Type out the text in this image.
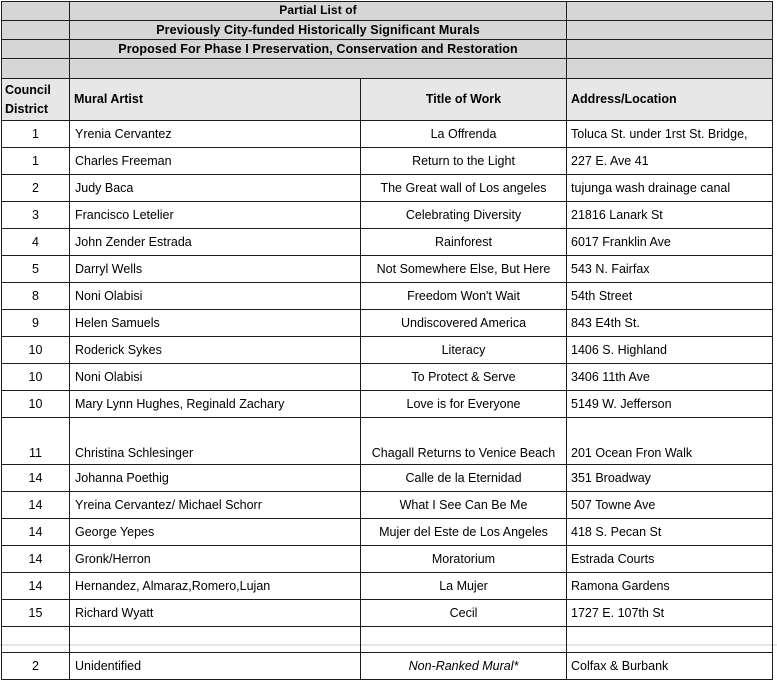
	Partial List of		
	Previously City-funded Historically Significant Murals		
	Proposed For Phase I Preservation, Conservation and Restoration		

Council
District	Mural Artist	Title of Work	Address/Location
1	Yrenia Cervantez	La Offrenda	Toluca St. under 1rst St. Bridge,
1	Charles Freeman	Return to the Light	227 E. Ave 41
2	Judy Baca	The Great wall of Los angeles	tujunga wash drainage canal
3	Francisco Letelier	Celebrating Diversity	21816 Lanark St
4	John Zender Estrada	Rainforest	6017 Franklin Ave
5	Darryl Wells	Not Somewhere Else, But Here	543 N. Fairfax
8	Noni Olabisi	Freedom Won't Wait	54th Street
9	Helen Samuels	Undiscovered America	843 E4th St.
10	Roderick Sykes	Literacy	1406 S. Highland
10	Noni Olabisi	To Protect & Serve	3406 11th Ave
10	Mary Lynn Hughes, Reginald Zachary	Love is for Everyone	5149 W. Jefferson
11	Christina Schlesinger	Chagall Returns to Venice Beach	201 Ocean Fron Walk
14	Johanna Poethig	Calle de la Eternidad	351 Broadway
14	Yreina Cervantez/ Michael Schorr	What I See Can Be Me	507 Towne Ave
14	George Yepes	Mujer del Este de Los Angeles	418 S. Pecan St
14	Gronk/Herron	Moratorium	Estrada Courts
14	Hernandez, Almaraz,Romero,Lujan	La Mujer	Ramona Gardens
15	Richard Wyatt	Cecil	1727 E. 107th St

2	Unidentified	Non-Ranked Mural*	Colfax & Burbank
